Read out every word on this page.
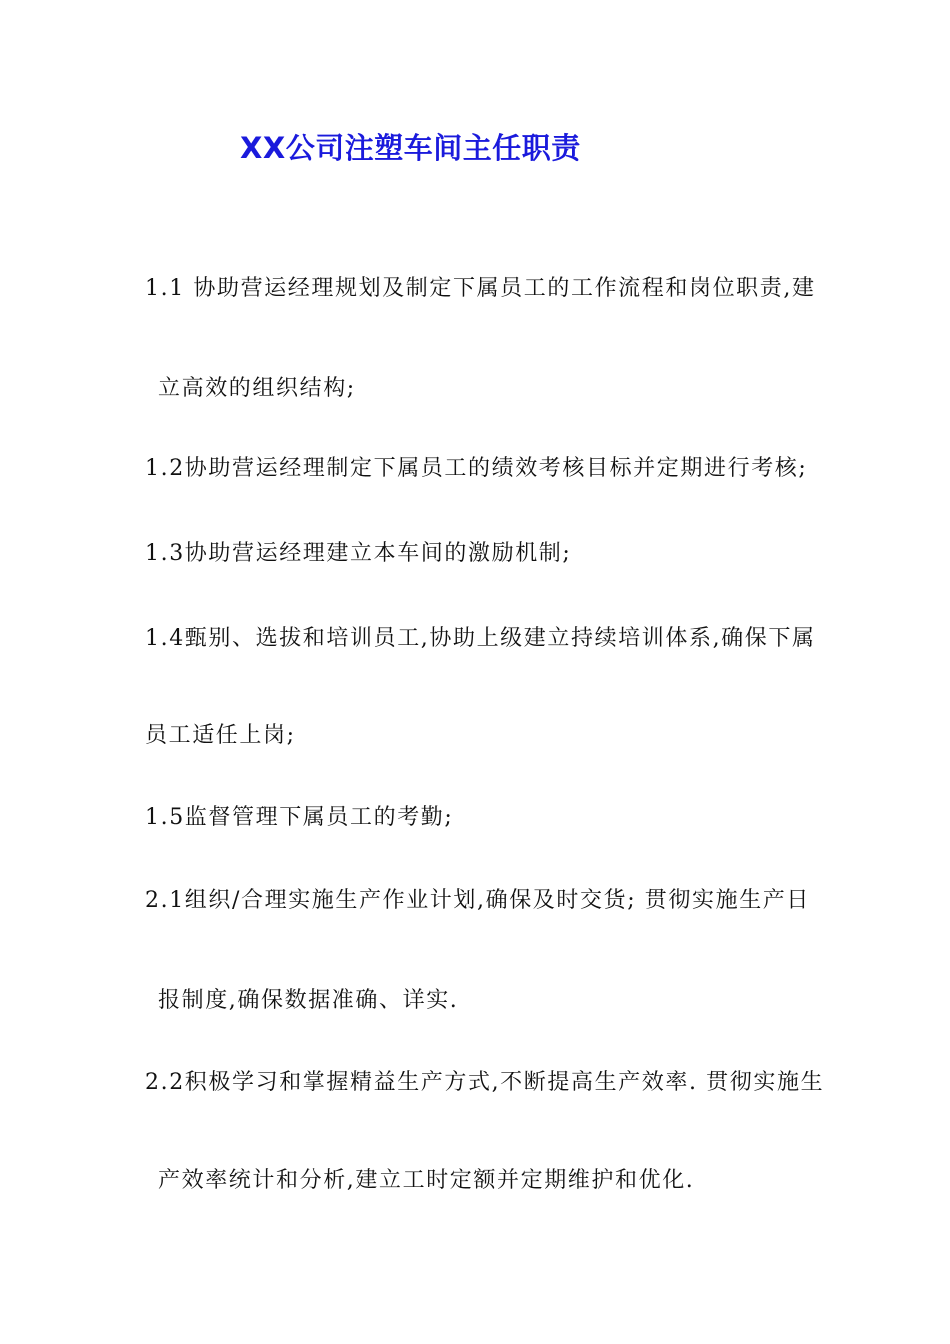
XX公司注塑车间主任职责
1.1 协助营运经理规划及制定下属员工的工作流程和岗位职责,建
立高效的组织结构;
1.2协助营运经理制定下属员工的绩效考核目标并定期进行考核;
1.3协助营运经理建立本车间的激励机制;
1.4甄别、选拔和培训员工,协助上级建立持续培训体系,确保下属
员工适任上岗;
1.5监督管理下属员工的考勤;
2.1组织/合理实施生产作业计划,确保及时交货; 贯彻实施生产日
报制度,确保数据准确、详实.
2.2积极学习和掌握精益生产方式,不断提高生产效率. 贯彻实施生
产效率统计和分析,建立工时定额并定期维护和优化.
